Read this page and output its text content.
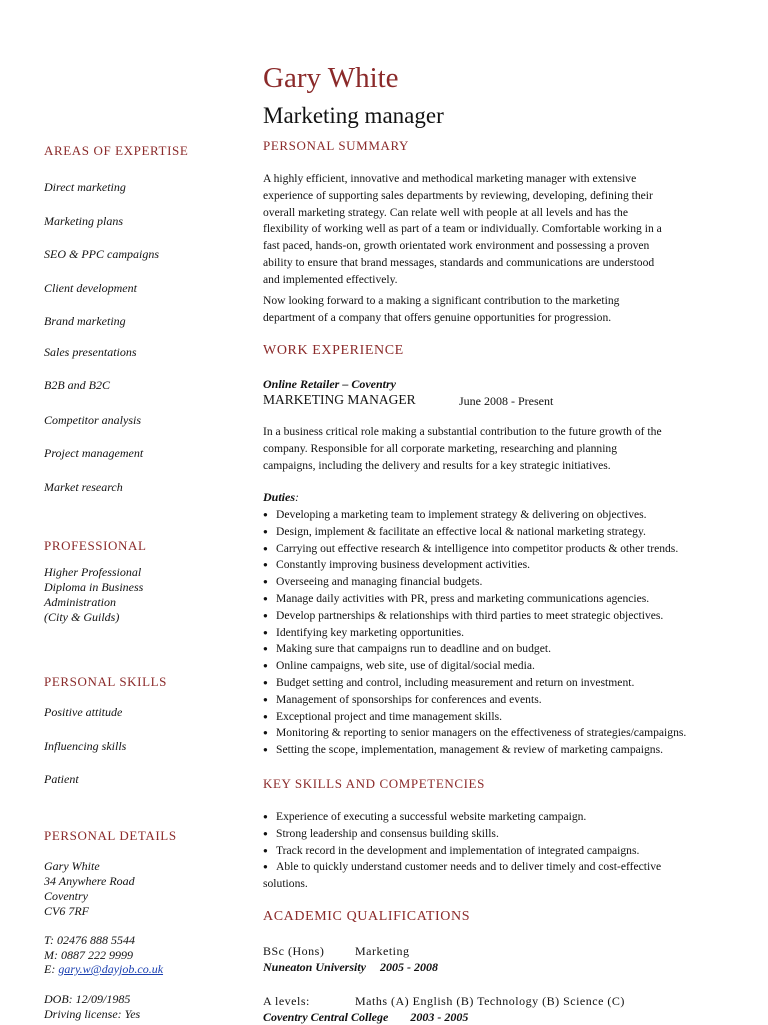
Gary White
Marketing manager
AREAS OF EXPERTISE
Direct marketing
Marketing plans
SEO & PPC campaigns
Client development
Brand marketing
Sales presentations
B2B and B2C
Competitor analysis
Project management
Market research
PROFESSIONAL
Higher Professional
Diploma in Business
Administration
(City & Guilds)
PERSONAL SKILLS
Positive attitude
Influencing skills
Patient
PERSONAL DETAILS
Gary White
34 Anywhere Road
Coventry
CV6 7RF
T: 02476 888 5544
M: 0887 222 9999
E: gary.w@dayjob.co.uk
DOB: 12/09/1985
Driving license: Yes
PERSONAL SUMMARY
A highly efficient, innovative and methodical marketing manager with extensive
experience of supporting sales departments by reviewing, developing, defining their
overall marketing strategy. Can relate well with people at all levels and has the
flexibility of working well as part of a team or individually. Comfortable working in a
fast paced, hands-on, growth orientated work environment and possessing a proven
ability to ensure that brand messages, standards and communications are understood
and implemented effectively.
Now looking forward to a making a significant contribution to the marketing
department of a company that offers genuine opportunities for progression.
WORK EXPERIENCE
Online Retailer – Coventry
MARKETING MANAGER	June 2008 - Present
In a business critical role making a substantial contribution to the future growth of the
company. Responsible for all corporate marketing, researching and planning
campaigns, including the delivery and results for a key strategic initiatives.
Duties:
● Developing a marketing team to implement strategy & delivering on objectives.
● Design, implement & facilitate an effective local & national marketing strategy.
● Carrying out effective research & intelligence into competitor products & other trends.
● Constantly improving business development activities.
● Overseeing and managing financial budgets.
● Manage daily activities with PR, press and marketing communications agencies.
● Develop partnerships & relationships with third parties to meet strategic objectives.
● Identifying key marketing opportunities.
● Making sure that campaigns run to deadline and on budget.
● Online campaigns, web site, use of digital/social media.
● Budget setting and control, including measurement and return on investment.
● Management of sponsorships for conferences and events.
● Exceptional project and time management skills.
● Monitoring & reporting to senior managers on the effectiveness of strategies/campaigns.
● Setting the scope, implementation, management & review of marketing campaigns.
KEY SKILLS AND COMPETENCIES
● Experience of executing a successful website marketing campaign.
● Strong leadership and consensus building skills.
● Track record in the development and implementation of integrated campaigns.
● Able to quickly understand customer needs and to deliver timely and cost-effective
solutions.
ACADEMIC QUALIFICATIONS
BSc (Hons)	Marketing
Nuneaton University 2005 - 2008
A levels:	Maths (A) English (B) Technology (B) Science (C)
Coventry Central College 2003 - 2005
